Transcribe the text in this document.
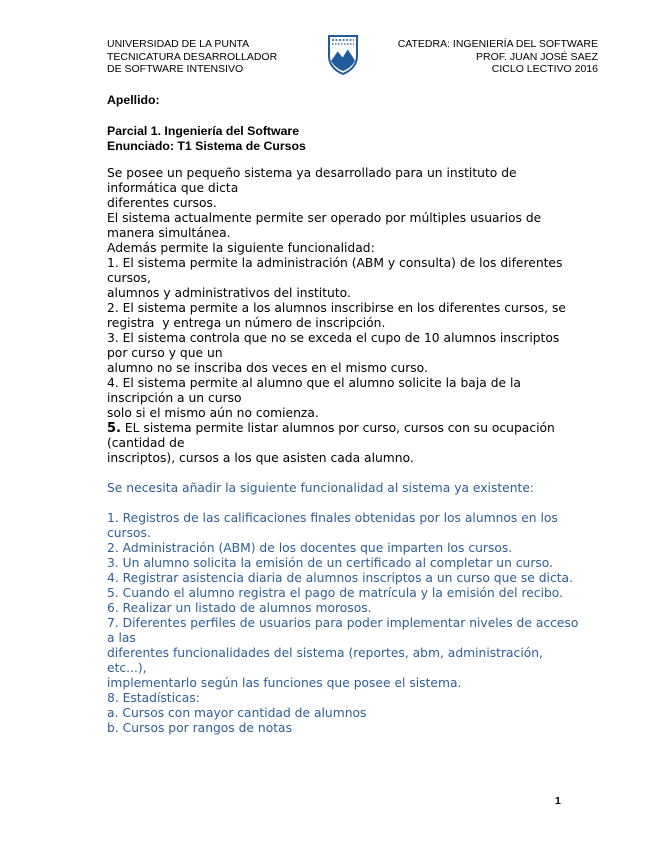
UNIVERSIDAD DE LA PUNTA
TECNICATURA DESARROLLADOR
DE SOFTWARE INTENSIVO
CATEDRA: INGENIERÍA DEL SOFTWARE
PROF. JUAN JOSÉ SAEZ
CICLO LECTIVO 2016
Apellido:
Parcial 1. Ingeniería del Software
Enunciado: T1 Sistema de Cursos
Se posee un pequeño sistema ya desarrollado para un instituto de
informática que dicta
diferentes cursos.
El sistema actualmente permite ser operado por múltiples usuarios de
manera simultánea.
Además permite la siguiente funcionalidad:
1. El sistema permite la administración (ABM y consulta) de los diferentes
cursos,
alumnos y administrativos del instituto.
2. El sistema permite a los alumnos inscribirse en los diferentes cursos, se
registra  y entrega un número de inscripción.
3. El sistema controla que no se exceda el cupo de 10 alumnos inscriptos
por curso y que un
alumno no se inscriba dos veces en el mismo curso.
4. El sistema permite al alumno que el alumno solicite la baja de la
inscripción a un curso
solo si el mismo aún no comienza.
5. EL sistema permite listar alumnos por curso, cursos con su ocupación
(cantidad de
inscriptos), cursos a los que asisten cada alumno.
Se necesita añadir la siguiente funcionalidad al sistema ya existente:
1. Registros de las calificaciones finales obtenidas por los alumnos en los
cursos.
2. Administración (ABM) de los docentes que imparten los cursos.
3. Un alumno solicita la emisión de un certificado al completar un curso.
4. Registrar asistencia diaria de alumnos inscriptos a un curso que se dicta.
5. Cuando el alumno registra el pago de matrícula y la emisión del recibo.
6. Realizar un listado de alumnos morosos.
7. Diferentes perfiles de usuarios para poder implementar niveles de acceso
a las
diferentes funcionalidades del sistema (reportes, abm, administración,
etc...),
implementarlo según las funciones que posee el sistema.
8. Estadísticas:
a. Cursos con mayor cantidad de alumnos
b. Cursos por rangos de notas
1
